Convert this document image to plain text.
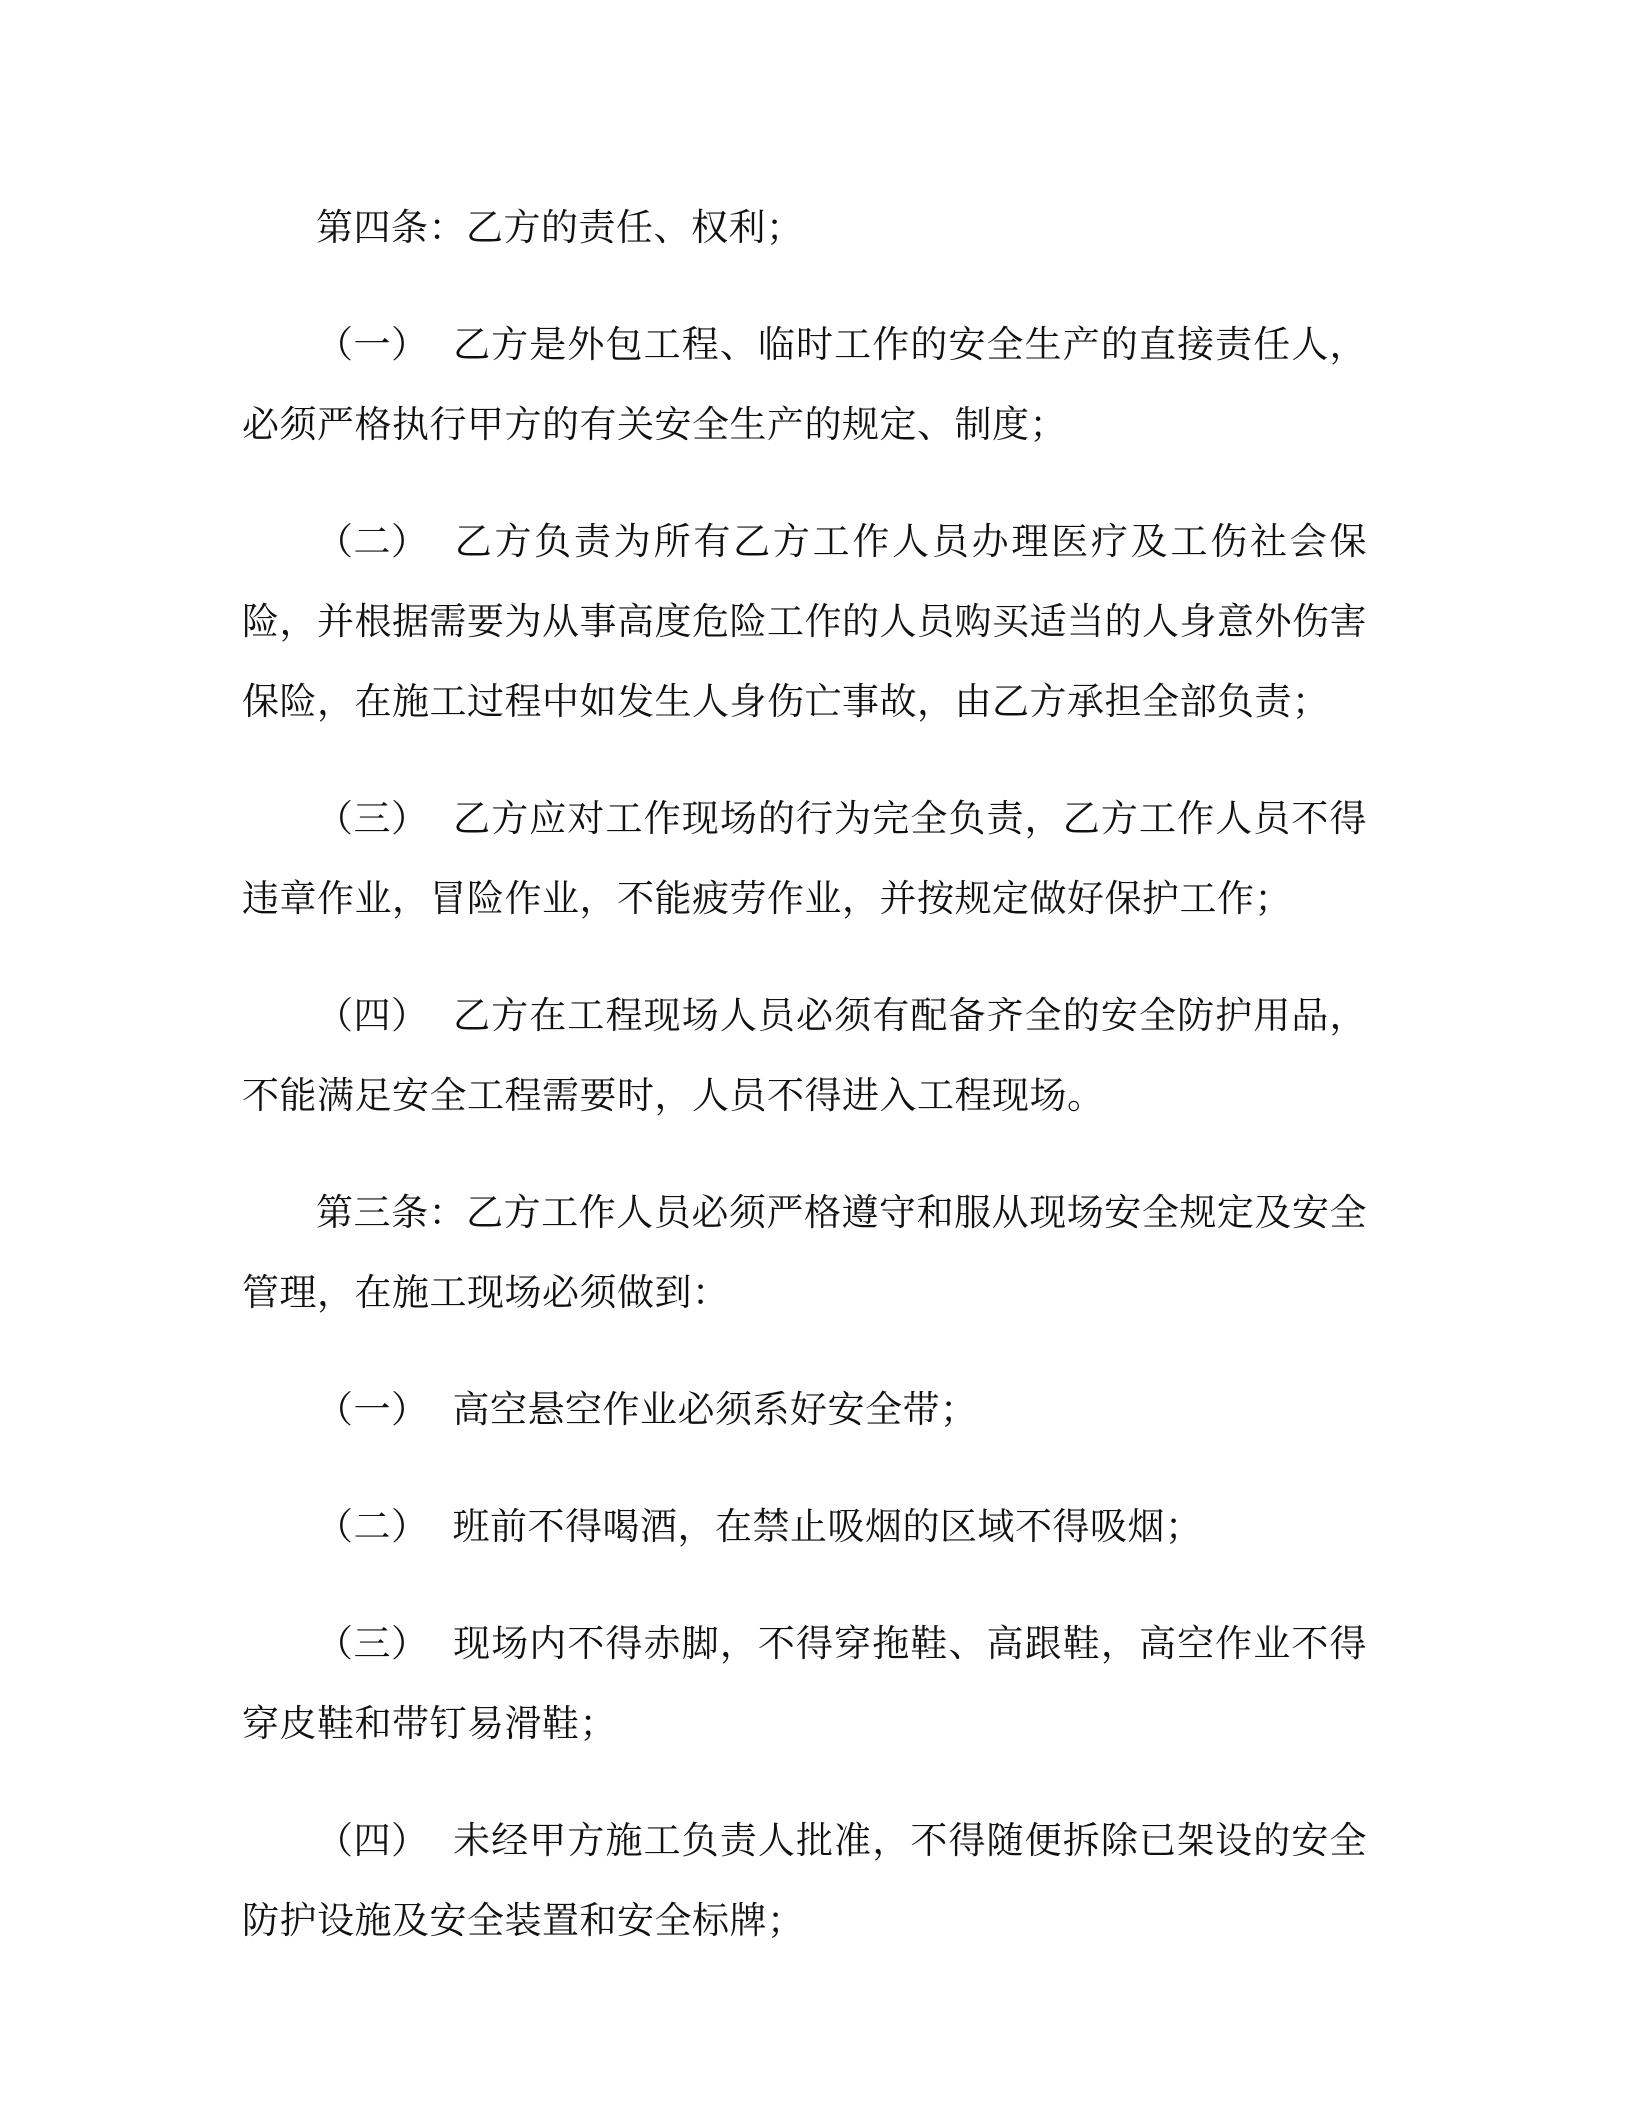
第四条：乙方的责任、权利；

（一） 乙方是外包工程、临时工作的安全生产的直接责任人，必须严格执行甲方的有关安全生产的规定、制度；

（二） 乙方负责为所有乙方工作人员办理医疗及工伤社会保险，并根据需要为从事高度危险工作的人员购买适当的人身意外伤害保险，在施工过程中如发生人身伤亡事故，由乙方承担全部负责；

（三） 乙方应对工作现场的行为完全负责，乙方工作人员不得违章作业，冒险作业，不能疲劳作业，并按规定做好保护工作；

（四） 乙方在工程现场人员必须有配备齐全的安全防护用品，不能满足安全工程需要时，人员不得进入工程现场。

第三条：乙方工作人员必须严格遵守和服从现场安全规定及安全管理，在施工现场必须做到：

（一） 高空悬空作业必须系好安全带；

（二） 班前不得喝酒，在禁止吸烟的区域不得吸烟；

（三） 现场内不得赤脚，不得穿拖鞋、高跟鞋，高空作业不得穿皮鞋和带钉易滑鞋；

（四） 未经甲方施工负责人批准，不得随便拆除已架设的安全防护设施及安全装置和安全标牌；
